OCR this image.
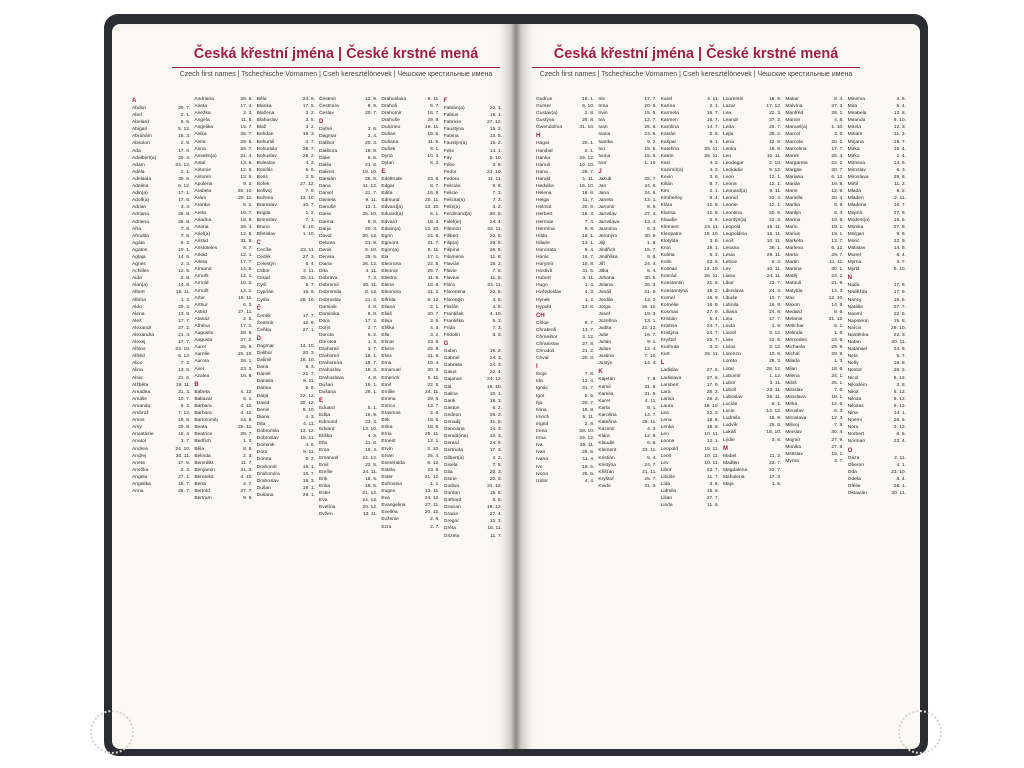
Česká křestní jména | České krstné mená
Czech first names | Tschechische Vornamen | Cseh keresztélönevek | Чешские крестильные имена
A
Abdon	30. 7.
Abel	2. 1.
Abelard	5. 6.
Abigail	5. 12.
Abrahám	16. 3.
Absolon	2. 9.
Ada	17. 6.
Adalbert(a)	20. 4.
Adam	24. 12.
Adéla	2. 1.
Adelaida	30. 6.
Adelina	6. 12.
Adin(a)	17. 1.
Adolf(a)	17. 6.
Adrian	3. 3.
Adriana	26. 8.
Adriena	26. 8.
Afra	7. 8.
Afrodita	7. 8.
Agáta	5. 2.
Agaton	10. 1.
Aglaja	14. 5.
Agnes	2. 3.
Achilles	12. 5.
Aida	2. 8.
Alan(a)	14. 8.
Albert	15. 11.
Albína	1. 3.
Aldo	20. 3.
Alena	13. 8.
Aleš	17. 7.
Alexandr	27. 2.
Alexandra	21. 4.
Alexej	17. 7.
Alfons	23. 10.
Alfréd	6. 12.
Alice	7. 2.
Alina	13. 6.
Alois	21. 6.
Alžběta	19. 11.
Amadea	31. 3.
Amálie	10. 7.
Amanda	6. 2.
Ambrož	7. 12.
Amos	16. 8.
Amy	20. 8.
Anastázie	15. 4.
Anatol	3. 7.
Andrea	24. 10.
Andrej	30. 11.
Aneta	17. 5.
Anežka	2. 3.
Angela	27. 1.
Angelika	15. 7.
Anna	26. 7.
Andriana	28. 8.
Aneta	17. 4.
Anežka	2. 3.
Angela	11. 5.
Angelika	15. 7.
Anika	26. 7.
Anita	29. 5.
Anna	26. 7.
Anselm(a)	21. 4.
Antal	13. 6.
Antonie	12. 6.
Antonín	13. 6.
Apolena	9. 2.
Arabela	26. 10.
Arám	20. 11.
Aranka	6. 2.
Areta	16. 7.
Ariadna	18. 9.
Ariana	26. 4.
Ariel(a)	12. 8.
Aristid	31. 8.
Aristoteles	8. 7.
Arkád	12. 1.
Arleta	17. 7.
Armand	14. 5.
Arnošt	12. 1.
Arnold	10. 2.
Arnošt	12. 1.
Artur	15. 11.
Arthur	6. 3.
Astrid	27. 11.
Atanáz	2. 5.
Athéna	17. 1.
Augustin	28. 8.
Augusta	27. 2.
Aurel	25. 9.
Aurelie	15. 10.
Aurora	26. 1.
Axel	23. 3.
Azalea	16. 8.
B
Babeta	4. 12.
Baltazar	6. 1.
Barbara	4. 12.
Barbora	4. 12.
Bartoloměj	24. 8.
Beata	25. 11.
Beatrice	29. 7.
Bedřich	1. 3.
Běla	8. 8.
Belinda	2. 3.
Benedikt	11. 7.
Benjamin	31. 3.
Berenika	4. 10.
Berta	4. 7.
Bertold	27. 7.
Bertram	9. 9.
Běla	24. 9.
Blanka	17. 5.
Blažena	3. 2.
Blahoslav	3. 5.
Blaž	3. 2.
Bohdan	19. 3.
Bohumil	4. 7.
Bohumila	28. 7.
Bohuslav	29. 2.
Boleslav	4. 3.
Bonifác	5. 6.
Boris	2. 5.
Bořek	27. 12.
Bořivoj	7. 9.
Božena	13. 10.
Branislav	10. 7.
Brigita	1. 2.
Bronislav	7. 1.
Bruno	6. 10.
Břetislav	1. 10.
C
Cecílie	22. 11.
Cedrik	27. 3.
Celestýn	6. 4.
Ctibor	2. 11.
Ctirad	25. 11.
Cyril	5. 7.
Cyprián	16. 9.
Cyrila	28. 10.
Č
Čeněk	17. 7.
Čestmír	12. 9.
Čeňka	27. 1.
D
Dagmar	14. 10.
Dalibor	20. 3.
Dalimil	18. 10.
Dana	8. 3.
Daniel	21. 7.
Daniela	9. 11.
Darina	9. 8.
Darja	22. 12.
David	30. 12.
Denis	9. 10.
Diana	4. 3.
Dita	4. 11.
Dobromila	13. 12.
Dobroslav	15. 11.
Dominik	4. 8.
Dora	9. 11.
Dorota	6. 2.
Drahomír	18. 1.
Drahomíra	18. 7.
Drahoslav	18. 3.
Dušan	19. 1.
Dušana	29. 1.
Čestmír	12. 9.
Čestmíra	8. 9.
Česlav	20. 7.
D
Dafné	3. 6.
Dagmar	2. 4.
Dalibor	20. 3.
Dalibora	18. 9.
Dalie	6. 6.
Dalila	21. 6.
Dalimil	18. 10.
Damián	26. 9.
Dana	11. 12.
Daniel	21. 7.
Daniela	9. 11.
Danuše	13. 1.
Daria	25. 10.
Darina	8. 8.
Darja	20. 3.
David	30. 12.
Debora	21. 9.
Denis	9. 10.
Denisa	25. 5.
Diana	26. 12.
Dita	4. 11.
Dobrava	7. 3.
Dobromil	30. 11.
Dobromila	8. 12.
Dobroslav	21. 2.
Dominik	4. 8.
Dominika	8. 8.
Dora	17. 2.
Doris	2. 7.
Dorota	6. 2.
Dorotea	1. 3.
Drahomil	3. 7.
Drahomír	18. 1.
Drahomíra	18. 7.
Drahoslav	18. 3.
Drahoslava	4. 8.
Dušan	19. 1.
Dušana	29. 1.
E
Eduard	5. 1.
Edita	16. 9.
Edmund	23. 3.
Edvard	13. 10.
Eliška	4. 3.
Ella	11. 6.
Ema	19. 4.
Emanuel	24. 12.
Emil	22. 5.
Emílie	24. 11.
Erik	18. 5.
Erika	18. 5.
Ester	21. 12.
Eva	24. 12.
Evelína	20. 12.
Evžen	13. 11.
Drahoslava	8. 11.
Drahoš	9. 7.
Drahomír	16. 7.
Drahuše	29. 8.
Dulcineo	16. 11.
Dušan	19. 5.
Dušana	11. 5.
Dušek	9. 1.
Dyna	10. 3.
Dylan	5. 2.
E
Edeltrude	23. 6.
Edgar	8. 7.
Edita	16. 9.
Edmund	20. 11.
Edvard(a)	13. 10.
Eduard(a)	5. 1.
Edvard	18. 3.
Edwin(a)	12. 10.
Egon	24. 8.
Egmont	21. 7.
Egon(a)	8. 11.
Ela	17. 1.
Eleonora	22. 5.
Eleonor	25. 7.
Elektra	11. 9.
Elena	18. 8.
Eleonora	21. 2.
Elfrída	8. 12.
Eliana	2. 1.
Eliáš	20. 7.
Elisa	3. 5.
Eliška	4. 3.
Ella	3. 2.
Elmar	23. 8.
Elvíra	25. 8.
Elvis	21. 6.
Ema	19. 4.
Emanuel	20. 3.
Emerich	5. 11.
Emil	22. 5.
Emílie	24. 11.
Emma	29. 6.
Enrico	13. 7.
Erasmus	2. 6.
Erik	18. 5.
Erika	18. 5.
Erna	25. 11.
Ernest	12. 1.
Ervín	3. 10.
Erwin	25. 4.
Esmeralda	6. 12.
Estela	23. 8.
Ester	21. 12.
Eufrosina	1. 1.
Eugen	13. 11.
Eva	24. 12.
Evangelina	27. 11.
Evelína	20. 12.
Evženie	2. 6.
Ezra	2. 7.
F
Fabián(a)	20. 1.
Fabius	19. 1.
Fabricie	27. 12.
Faustýna	15. 2.
Fatima	13. 5.
Faustýn(a)	15. 2.
Felix	14. 1.
Fáy	5. 10.
Fébe	3. 9.
Fedor	23. 10.
Fedora	11. 11.
Felicián	9. 6.
Felicie	7. 3.
Felicita(s)	7. 3.
Felix(a)	3. 2.
Ferdinand(a)	30. 5.
Fidel(ie)	24. 4.
Filemon	22. 11.
Filibert	20. 8.
Filip(a)	26. 5.
Filipína	26. 5.
Filomena	11. 8.
Flavián	18. 2.
Flavie	7. 5.
Flavius	11. 5.
Flóra	24. 11.
Florentina	20. 6.
Florentýn	4. 5.
Florián	4. 5.
František	4. 10.
Františka	9. 3.
Frída	7. 3.
Fridolín	6. 3.
G
Gabin	19. 2.
Gabriel	24. 3.
Gabriela	24. 3.
Gaius	22. 4.
Gajanus	24. 12.
Gál	16. 10.
Galina	10. 1.
Garik	18. 3.
Gaston	6. 2.
Gedeon	28. 3.
Genadij	31. 8.
Genciána	14. 3.
Gerald(ina)	13. 3.
Gerard	24. 9.
Gertruda	17. 3.
Gilbert(a)	4. 2.
Gisela	7. 5.
Gita	20. 3.
Glorie	20. 3.
Godiva	31. 12.
Gordon	15. 5.
Gothard	5. 5.
Gracian	18. 12.
Gracie	27. 4.
Gregor	12. 3.
Gréta	16. 11.
Grizela	11. 7.
Česká křestní jména | České krstné mená
Czech first names | Tschechische Vornamen | Cseh keresztélönevek | Чешские крестильные имена
Gudrun	15. 1.
Gunter	9. 10.
Gustav(a)	2. 8.
Gustýna	26. 8.
Gwendolína	31. 10.
H
Hagar	20. 1.
Hanibal	2. 1.
Hanka	24. 12.
Hanuš	10. 10.
Hana	26. 7.
Harald	1. 11.
Hedvika	15. 10.
Helena	18. 8.
Helga	11. 7.
Helmut	20. 9.
Herbert	16. 3.
Herman	7. 4.
Hermína	9. 9.
Hilda	18. 1.
Hilarie	13. 1.
Honorata	9. 4.
Horác	16. 7.
Horymír	15. 8.
Hostivít	31. 5.
Hubert	3. 11.
Hugo	1. 4.
Hvězdoslav	4. 3.
Hynek	1. 2.
Hypolit	13. 8.
CH
Chloe	9. 7.
Chrabroš	13. 7.
Chranibor	3. 12.
Chranislav	27. 8.
Chrudoš	21. 2.
Chval	20. 8.
I
Ibojo	7. 8.
Ida	13. 4.
Ignác	31. 7.
Igor	5. 6.
Ilja	20. 7.
Ilona	18. 8.
Imrich	5. 11.
Ingrid	2. 9.
Irena	28. 10.
Irma	24. 12.
Iva	28. 11.
Ivan	25. 6.
Ivana	11. 4.
Ivo	19. 5.
Ivona	25. 6.
Izidor	4. 4.
Iris	17. 7.
Irma	20. 9.
Irvin	15. 6.
Iva	12. 7.
Ivan	25. 6.
Ivana	24. 6.
Ivanka	9. 2.
Ivo	19. 5.
Ivona	15. 5.
Ivor	1. 10.
J
Jakub	25. 7.
Jan	24. 6.
Jana	24. 6.
Janeta	13. 1.
Jaromír	8. 9.
Jaroslav	27. 4.
Jaroslava	13. 4.
Jasmína	5. 3.
Jeroným	30. 9.
Jiljí	1. 9.
Jindřich	15. 7.
Jindřiška	9. 8.
Jiří	24. 4.
Jitka	6. 4.
Johana	30. 5.
Jolana	26. 3.
Jonáš	21. 9.
Jordán	13. 2.
Jorga	16. 12.
Josef	19. 3.
Jozefína	13. 1.
Judita	22. 12.
Julie	16. 7.
Julián	9. 1.
Julius	12. 4.
Justina	7. 10.
Justýn	14. 4.
K
Kajetán	7. 8.
Kamil	31. 5.
Kamila	31. 5.
Karel	4. 11.
Karla	8. 1.
Karolína	14. 7.
Kateřina	25. 11.
Kazimír	4. 3.
Klára	12. 8.
Klaudie	6. 6.
Klement	23. 11.
Kristián	5. 4.
Kristýna	24. 7.
Křišťan	21. 11.
Kryštof	25. 7.
Kvido	31. 3.
Karel	4. 11.
Karína	2. 1.
Karmela	16. 7.
Karmen	16. 7.
Karolína	14. 7.
Kasián	5. 8.
Kašpar	6. 1.
Kateřina	25. 11.
Katrin	25. 11.
Kazi	4. 3.
Kazimír(a)	4. 3.
Kevin	3. 6.
Kilián	8. 7.
Kim	2. 1.
Kimberley	8. 4.
Klára	12. 8.
Klarisa	12. 8.
Klaudie	6. 6.
Klement	23. 11.
Kleopatra	19. 10.
Klotylda	3. 6.
Knut	19. 1.
Koleta	6. 3.
Kolin	23. 5.
Kolman	13. 10.
Konrád	26. 11.
Konstantin	21. 5.
Konstantýna	18. 2.
Kornel	16. 9.
Kornélie	16. 9.
Kosmas	27. 9.
Kristián	5. 4.
Kristina	24. 7.
Kristýna	24. 7.
Kryštof	25. 7.
Kunhuta	3. 3.
Kurt	26. 11.
L
Ladislav	27. 6.
Ladislava	27. 6.
Lambert	17. 9.
Lara	26. 3.
Larisa	26. 3.
Laura	19. 10.
Lea	22. 3.
Lena	18. 8.
Lenka	18. 8.
Leo	10. 11.
Leona	12. 1.
Leopold	15. 11.
Leoš	10. 11.
Lev	10. 11.
Libor	23. 7.
Libuše	11. 7.
Lída	3. 8.
Lidmila	16. 9.
Lilian	27. 7.
Linda	11. 6.
Lourentin	18. 9.
Lazar	17. 12.
Lea	22. 3.
Leandr	27. 2.
Leda	25. 7.
Lejla	25. 2.
Lena	12. 8.
Lenka	18. 8.
Leo	10. 11.
Leodegar	2. 10.
Leokádie	9. 12.
Leon	12. 1.
Leona	12. 1.
Leonard(a)	6. 11.
Leonid	22. 4.
Leonie	12. 1.
Leontina	20. 6.
Leontýn(a)	22. 3.
Leopold	15. 11.
Leopoldina	15. 11.
Leoš	10. 11.
Lesana	28. 1.
Lesia	29. 11.
Leticie	8. 3.
Lev	10. 11.
Liana	24. 11.
Libor	23. 7.
Liboslava	24. 3.
Libuše	10. 7.
Lidmila	16. 9.
Liliana	24. 6.
Lina	17. 7.
Linda	1. 9.
Lionel	3. 12.
Livie	22. 6.
Livius	3. 12.
Lorenzo	10. 8.
Loreta	28. 3.
Lotar	28. 12.
Lubomír	1. 12.
Lubor	3. 11.
Luboš	23. 11.
Luboslav	26. 11.
Lucián	8. 1.
Lucie	13. 12.
Ludmila	16. 9.
Ludvík	25. 8.
Lukáš	18. 10.
Lýdie	3. 8.
M
Mabel	11. 2.
Madlen	22. 7.
Magdalena	22. 7.
Mahulena	17. 3.
Maja	1. 5.
Makar	8. 4.
Malvína	27. 3.
Manfréd	28. 1.
Manon	4. 8.
Manuel(a)	1. 10.
Marcel	2. 6.
Marcela	20. 2.
Marcelina	17. 7.
Marek	25. 4.
Margareta	22. 2.
Margita	20. 7.
Mariana	6. 12.
Marián	19. 8.
Marie	12. 9.
Mariella	20. 4.
Marika	8. 9.
Marilyn	6. 4.
Marina	19. 8.
Mario	19. 1.
Marius	19. 1.
Markéta	13. 7.
Marlena	6. 12.
Marta	29. 7.
Martin	11. 11.
Martina	30. 1.
Matěj	24. 2.
Matouš	21. 9.
Matylda	14. 3.
Max	12. 10.
Maxim	14. 8.
Medard	8. 6.
Melanie	31. 12.
Melichar	6. 1.
Melinda	1. 6.
Mercedes	24. 9.
Michaela	29. 9.
Michal	29. 9.
Milada	1. 3.
Milan	18. 6.
Milena	24. 1.
Miloš	25. 1.
Miloslav	7. 6.
Miloslava	18. 1.
Mirka	12. 6.
Miroslav	6. 3.
Miroslava	12. 3.
Milivoj	7. 8.
Mnislav	30. 4.
Mojmír	27. 9.
Monika	27. 8.
Mstislav	15. 1.
Myrna	3. 7.
Minerva	2. 5.
Mira	5. 4.
Mirabela	13. 8.
Miranda	9. 10.
Mirela	12. 3.
Miriam	11. 2.
Mirjana	19. 7.
Mirka	15. 4.
Mirko	2. 4.
Mirnesa	14. 5.
Miroslav	6. 3.
Miroslava	29. 6.
Mirtil	11. 2.
Mlada	8. 2.
Mladen	2. 11.
Mladena	16. 7.
Mojmír	27. 9.
Modest(a)	15. 6.
Monika	27. 8.
Morgan	9. 6.
Moric	22. 9.
Mstislav	14. 8.
Muriel	8. 4.
Myrna	3. 7.
Myrtil	5. 10.
N
Naďa	17. 9.
Naděžda	17. 9.
Nancy	15. 5.
Natálie	27. 7.
Naomi	22. 5.
Napoleon	15. 8.
Narcis	29. 10.
Nastěnka	22. 3.
Natan	20. 11.
Natanael	24. 8.
Nela	5. 7.
Nelly	18. 8.
Nestor	26. 2.
Nicol	6. 12.
Nikodém	3. 8.
Nikol	6. 12.
Nikola	6. 12.
Nikolas	6. 12.
Nina	14. 1.
Noemi	26. 6.
Nora	3. 12.
Norbert	6. 6.
Norman	23. 4.
O
Oáza	2. 11.
Oberon	4. 1.
Oda	23. 10.
Odeta	8. 4.
Ofélie	26. 1.
Oktavián	20. 11.
